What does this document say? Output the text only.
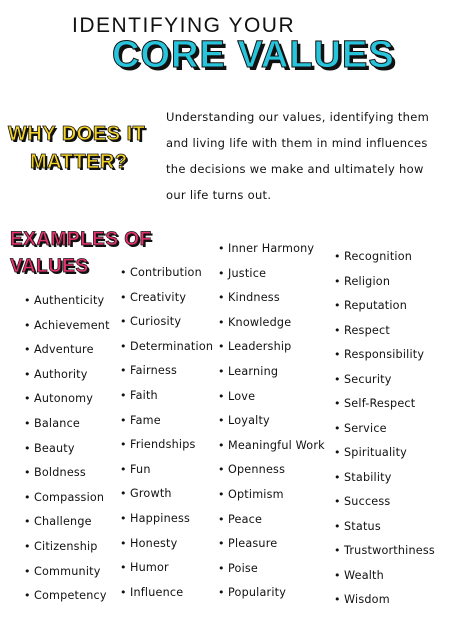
IDENTIFYING YOUR
CORE VALUES
WHY DOES IT
MATTER?
Understanding our values, identifying them
and living life with them in mind influences
the decisions we make and ultimately how
our life turns out.
EXAMPLES OF
VALUES
• Authenticity
• Achievement
• Adventure
• Authority
• Autonomy
• Balance
• Beauty
• Boldness
• Compassion
• Challenge
• Citizenship
• Community
• Competency
• Contribution
• Creativity
• Curiosity
• Determination
• Fairness
• Faith
• Fame
• Friendships
• Fun
• Growth
• Happiness
• Honesty
• Humor
• Influence
• Inner Harmony
• Justice
• Kindness
• Knowledge
• Leadership
• Learning
• Love
• Loyalty
• Meaningful Work
• Openness
• Optimism
• Peace
• Pleasure
• Poise
• Popularity
• Recognition
• Religion
• Reputation
• Respect
• Responsibility
• Security
• Self-Respect
• Service
• Spirituality
• Stability
• Success
• Status
• Trustworthiness
• Wealth
• Wisdom
